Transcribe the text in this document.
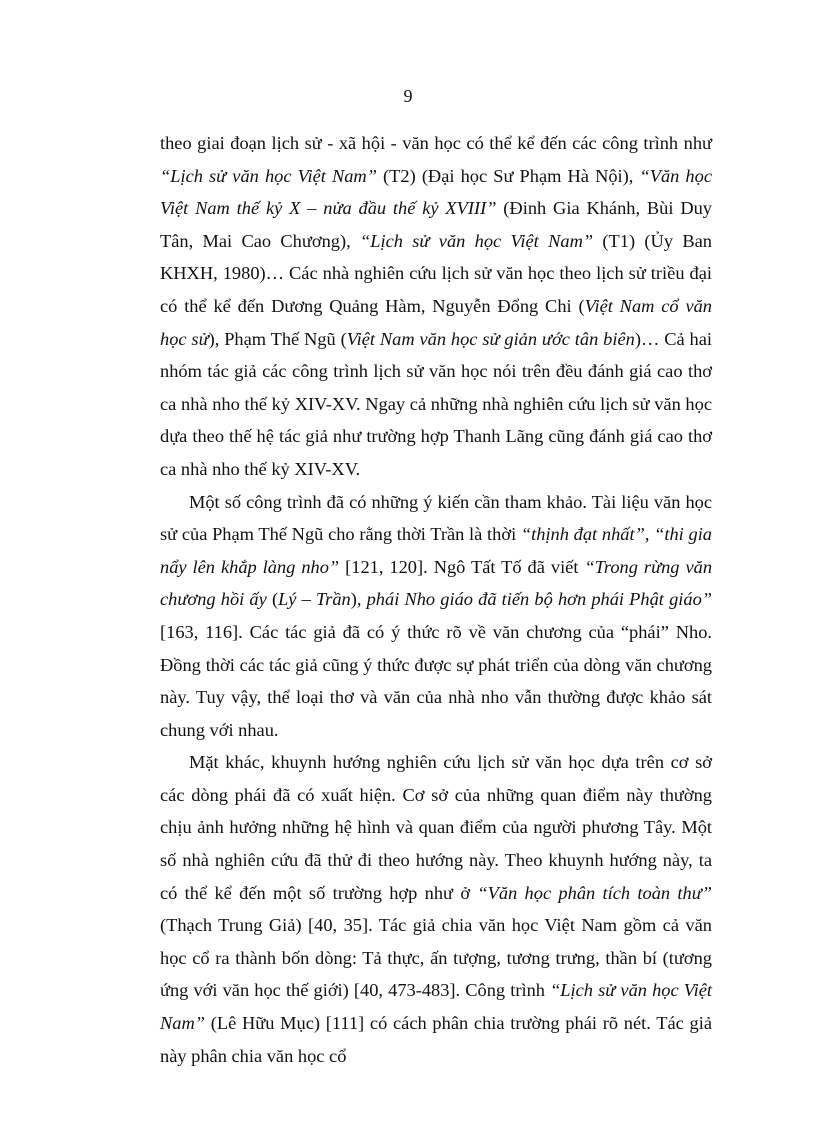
9

theo giai đoạn lịch sử - xã hội - văn học có thể kể đến các công trình như “Lịch sử văn học Việt Nam” (T2) (Đại học Sư Phạm Hà Nội), “Văn học Việt Nam thế kỷ X – nửa đầu thế kỷ XVIII” (Đinh Gia Khánh, Bùi Duy Tân, Mai Cao Chương), “Lịch sử văn học Việt Nam” (T1) (Ủy Ban KHXH, 1980)… Các nhà nghiên cứu lịch sử văn học theo lịch sử triều đại có thể kể đến Dương Quảng Hàm, Nguyễn Đổng Chi (Việt Nam cổ văn học sử), Phạm Thế Ngũ (Việt Nam văn học sử giản ước tân biên)… Cả hai nhóm tác giả các công trình lịch sử văn học nói trên đều đánh giá cao thơ ca nhà nho thế kỷ XIV-XV. Ngay cả những nhà nghiên cứu lịch sử văn học dựa theo thế hệ tác giả như trường hợp Thanh Lãng cũng đánh giá cao thơ ca nhà nho thế kỷ XIV-XV.

Một số công trình đã có những ý kiến cần tham khảo. Tài liệu văn học sử của Phạm Thế Ngũ cho rằng thời Trần là thời “thịnh đạt nhất”, “thi gia nẩy lên khắp làng nho” [121, 120]. Ngô Tất Tố đã viết “Trong rừng văn chương hồi ấy (Lý – Trần), phái Nho giáo đã tiến bộ hơn phái Phật giáo” [163, 116]. Các tác giả đã có ý thức rõ về văn chương của “phái” Nho. Đồng thời các tác giả cũng ý thức được sự phát triển của dòng văn chương này. Tuy vậy, thể loại thơ và văn của nhà nho vẫn thường được khảo sát chung với nhau.

Mặt khác, khuynh hướng nghiên cứu lịch sử văn học dựa trên cơ sở các dòng phái đã có xuất hiện. Cơ sở của những quan điểm này thường chịu ảnh hưởng những hệ hình và quan điểm của người phương Tây. Một số nhà nghiên cứu đã thử đi theo hướng này. Theo khuynh hướng này, ta có thể kể đến một số trường hợp như ở “Văn học phân tích toàn thư” (Thạch Trung Giả) [40, 35]. Tác giả chia văn học Việt Nam gồm cả văn học cổ ra thành bốn dòng: Tả thực, ấn tượng, tương trưng, thần bí (tương ứng với văn học thế giới) [40, 473-483]. Công trình “Lịch sử văn học Việt Nam” (Lê Hữu Mục) [111] có cách phân chia trường phái rõ nét. Tác giả này phân chia văn học cổ
